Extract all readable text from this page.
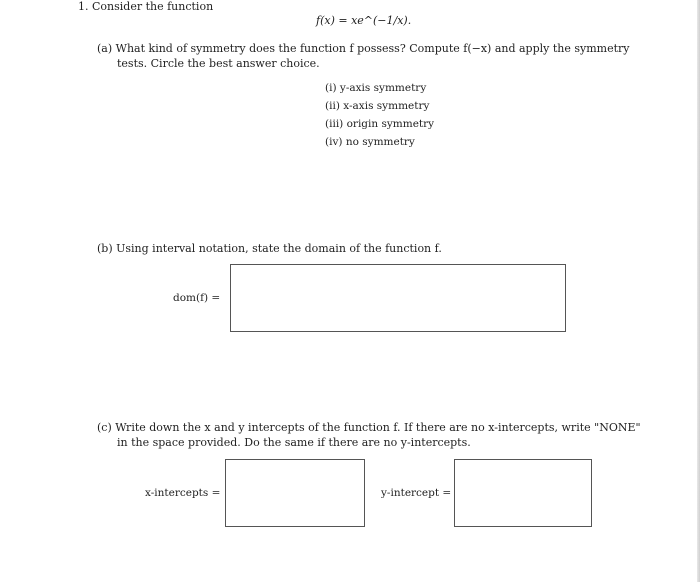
1. Consider the function
f(x) = xe^(−1/x).
(a) What kind of symmetry does the function f possess? Compute f(−x) and apply the symmetry
tests. Circle the best answer choice.
(i) y-axis symmetry
(ii) x-axis symmetry
(iii) origin symmetry
(iv) no symmetry
(b) Using interval notation, state the domain of the function f.
dom(f) =
(c) Write down the x and y intercepts of the function f. If there are no x-intercepts, write "NONE"
in the space provided. Do the same if there are no y-intercepts.
x-intercepts =	y-intercept =
